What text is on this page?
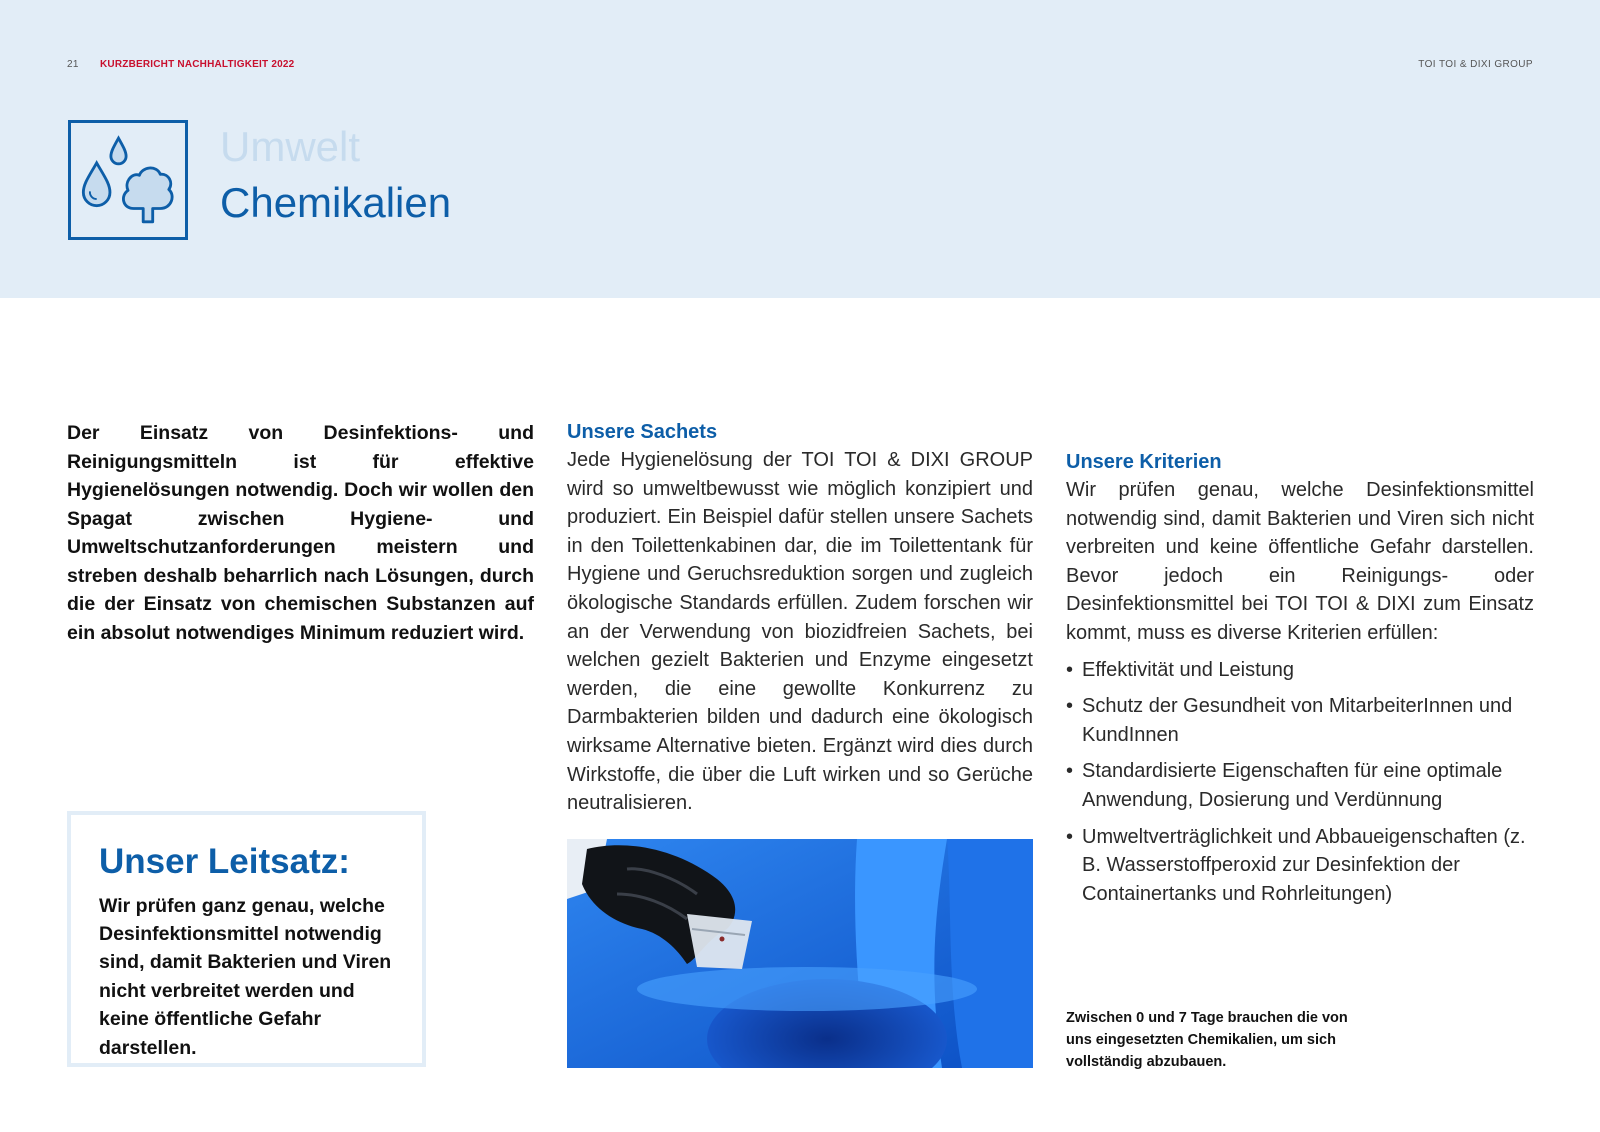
21 KURZBERICHT NACHHALTIGKEIT 2022	TOI TOI & DIXI GROUP
Umwelt
Chemikalien

Der Einsatz von Desinfektions- und Reinigungsmitteln ist für effektive Hygienelösungen notwendig. Doch wir wollen den Spagat zwischen Hygiene- und Umweltschutzanforderungen meistern und streben deshalb beharrlich nach Lösungen, durch die der Einsatz von chemischen Substanzen auf ein absolut notwendiges Minimum reduziert wird.

Unsere Sachets

Jede Hygienelösung der TOI TOI & DIXI GROUP wird so umweltbewusst wie möglich konzipiert und produziert. Ein Beispiel dafür stellen unsere Sachets in den Toilettenkabinen dar, die im Toilettentank für Hygiene und Geruchsreduktion sorgen und zugleich ökologische Standards erfüllen. Zudem forschen wir an der Verwendung von biozidfreien Sachets, bei welchen gezielt Bakterien und Enzyme eingesetzt werden, die eine gewollte Konkurrenz zu Darmbakterien bilden und dadurch eine ökologisch wirksame Alternative bieten. Ergänzt wird dies durch Wirkstoffe, die über die Luft wirken und so Gerüche neutralisieren.

Unsere Kriterien

Wir prüfen genau, welche Desinfektionsmittel notwendig sind, damit Bakterien und Viren sich nicht verbreiten und keine öffentliche Gefahr darstellen. Bevor jedoch ein Reinigungs- oder Desinfektionsmittel bei TOI TOI & DIXI zum Einsatz kommt, muss es diverse Kriterien erfüllen:

• Effektivität und Leistung
• Schutz der Gesundheit von MitarbeiterInnen und KundInnen
• Standardisierte Eigenschaften für eine optimale Anwendung, Dosierung und Verdünnung
• Umweltverträglichkeit und Abbaueigenschaften (z. B. Wasserstoffperoxid zur Desinfektion der Containertanks und Rohrleitungen)
Unser Leitsatz:

Wir prüfen ganz genau, welche Desinfektionsmittel notwendig sind, damit Bakterien und Viren nicht verbreitet werden und keine öffentliche Gefahr darstellen.

Zwischen 0 und 7 Tage brauchen die von uns eingesetzten Chemikalien, um sich vollständig abzubauen.
